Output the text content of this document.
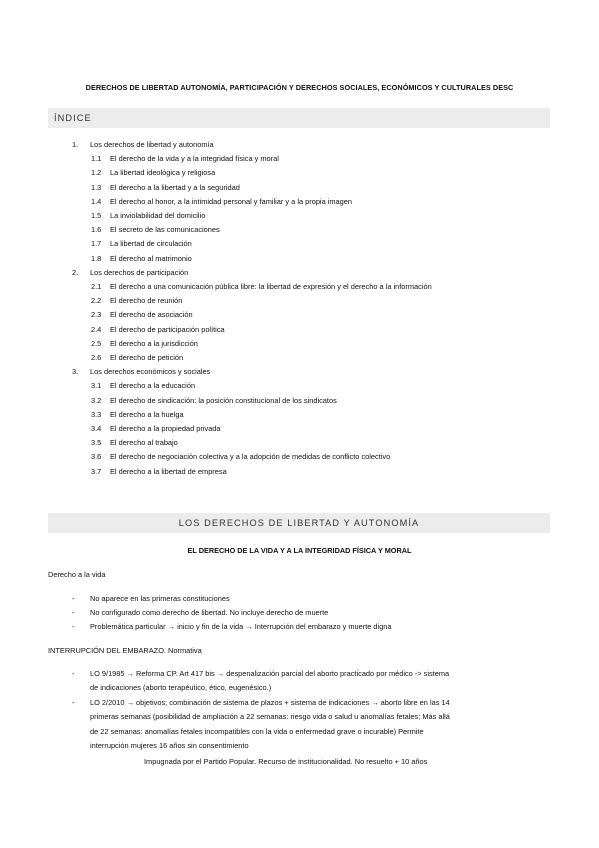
DERECHOS DE LIBERTAD AUTONOMÍA, PARTICIPACIÓN Y DERECHOS SOCIALES, ECONÓMICOS Y CULTURALES DESC
ÍNDICE
1. Los derechos de libertad y autonomía
1.1 El derecho de la vida y a la integridad física y moral
1.2 La libertad ideológica y religiosa
1.3 El derecho a la libertad y a la seguridad
1.4 El derecho al honor, a la intimidad personal y familiar y a la propia imagen
1.5 La inviolabilidad del domicilio
1.6 El secreto de las comunicaciones
1.7 La libertad de circulación
1.8 El derecho al matrimonio
2. Los derechos de participación
2.1 El derecho a una comunicación pública libre: la libertad de expresión y el derecho a la información
2.2 El derecho de reunión
2.3 El derecho de asociación
2.4 El derecho de participación política
2.5 El derecho a la jurisdicción
2.6 El derecho de petición
3. Los derechos económicos y sociales
3.1 El derecho a la educación
3.2 El derecho de sindicación: la posición constitucional de los sindicatos
3.3 El derecho a la huelga
3.4 El derecho a la propiedad privada
3.5 El derecho al trabajo
3.6 El derecho de negociación colectiva y a la adopción de medidas de conflicto colectivo
3.7 El derecho a la libertad de empresa
LOS DERECHOS DE LIBERTAD Y AUTONOMÍA
EL DERECHO DE LA VIDA Y A LA INTEGRIDAD FÍSICA Y MORAL
Derecho a la vida
- No aparece en las primeras constituciones
- No configurado como derecho de libertad. No incluye derecho de muerte
- Problemática particular → inicio y fin de la vida → Interrupción del embarazo y muerte digna
INTERRUPCIÓN DEL EMBARAZO. Normativa
- LO 9/1985 → Reforma CP. Art 417 bis → despenalización parcial del aborto practicado por médico -> sistema
de indicaciones (aborto terapéutico, ético, eugenésico.)
- LO 2/2010 → objetivos; combinación de sistema de plazos + sistema de indicaciones → aborto libre en las 14
primeras semanas (posibilidad de ampliación a 22 semanas: riesgo vida o salud u anomalías fetales; Más allá
de 22 semanas: anomalías fetales incompatibles con la vida o enfermedad grave o incurable) Permite
interrupción mujeres 16 años sin consentimiento
Impugnada por el Partido Popular. Recurso de institucionalidad. No resuelto + 10 años
